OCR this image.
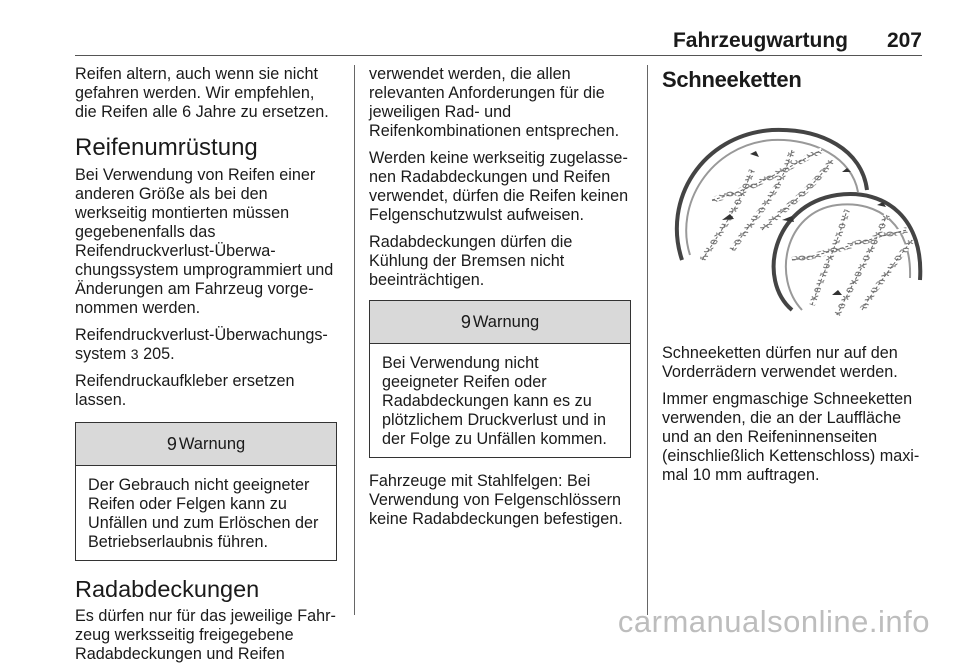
Fahrzeugwartung 207

Reifen altern, auch wenn sie nicht gefahren werden. Wir empfehlen, die Reifen alle 6 Jahre zu ersetzen.

Reifenumrüstung

Bei Verwendung von Reifen einer anderen Größe als bei den werkseitig montierten müssen gegebenenfalls das Reifendruckverlust-Überwachungssystem umprogrammiert und Änderungen am Fahrzeug vorgenommen werden.

Reifendruckverlust-Überwachungssystem 3 205.

Reifendruckaufkleber ersetzen lassen.

9 Warnung

Der Gebrauch nicht geeigneter Reifen oder Felgen kann zu Unfällen und zum Erlöschen der Betriebserlaubnis führen.

Radabdeckungen

Es dürfen nur für das jeweilige Fahrzeug werksseitig freigegebene Radabdeckungen und Reifen

verwendet werden, die allen relevanten Anforderungen für die jeweiligen Rad- und Reifenkombinationen entsprechen.

Werden keine werkseitig zugelassenen Radabdeckungen und Reifen verwendet, dürfen die Reifen keinen Felgenschutzwulst aufweisen.

Radabdeckungen dürfen die Kühlung der Bremsen nicht beeinträchtigen.

9 Warnung

Bei Verwendung nicht geeigneter Reifen oder Radabdeckungen kann es zu plötzlichem Druckverlust und in der Folge zu Unfällen kommen.

Fahrzeuge mit Stahlfelgen: Bei Verwendung von Felgenschlössern keine Radabdeckungen befestigen.

Schneeketten

Schneeketten dürfen nur auf den Vorderrädern verwendet werden.

Immer engmaschige Schneeketten verwenden, die an der Lauffläche und an den Reifeninnenseiten (einschließlich Kettenschloss) maximal 10 mm auftragen.

carmanualsonline.info
